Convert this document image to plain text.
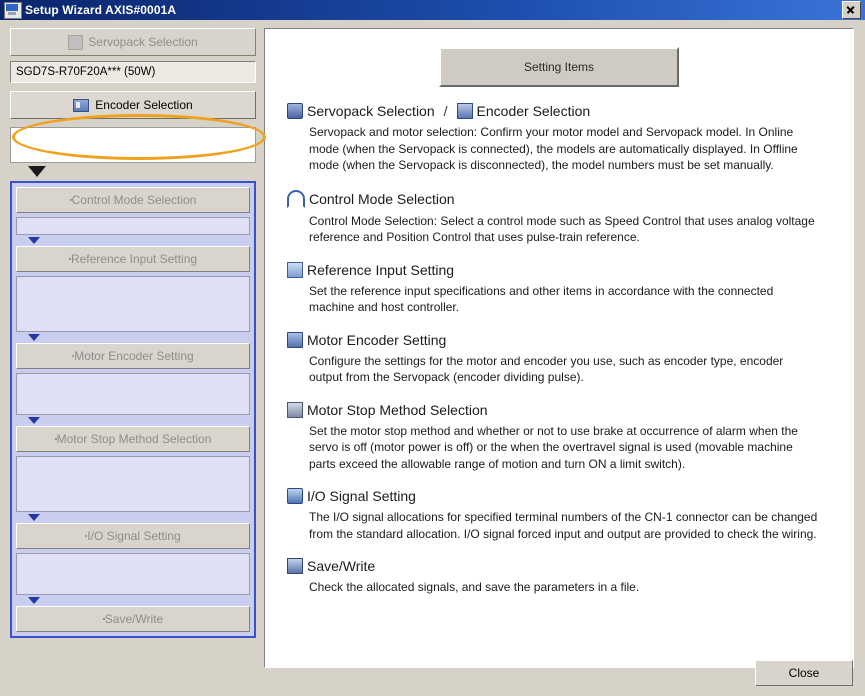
Setup Wizard AXIS#0001A
Servopack Selection
SGD7S-R70F20A*** (50W)
Encoder Selection
Control Mode Selection
Reference Input Setting
Motor Encoder Setting
Motor Stop Method Selection
I/O Signal Setting
Save/Write
Setting Items
Servopack Selection / Encoder Selection
Servopack and motor selection: Confirm your motor model and Servopack model. In Online mode (when the Servopack is connected), the models are automatically displayed. In Offline mode (when the Servopack is disconnected), the model numbers must be set manually.
Control Mode Selection
Control Mode Selection: Select a control mode such as Speed Control that uses analog voltage reference and Position Control that uses pulse-train reference.
Reference Input Setting
Set the reference input specifications and other items in accordance with the connected machine and host controller.
Motor Encoder Setting
Configure the settings for the motor and encoder you use, such as encoder type, encoder output from the Servopack (encoder dividing pulse).
Motor Stop Method Selection
Set the motor stop method and whether or not to use brake at occurrence of alarm when the servo is off (motor power is off) or the when the overtravel signal is used (movable machine parts exceed the allowable range of motion and turn ON a limit switch).
I/O Signal Setting
The I/O signal allocations for specified terminal numbers of the CN-1 connector can be changed from the standard allocation. I/O signal forced input and output are provided to check the wiring.
Save/Write
Check the allocated signals, and save the parameters in a file.
Close
